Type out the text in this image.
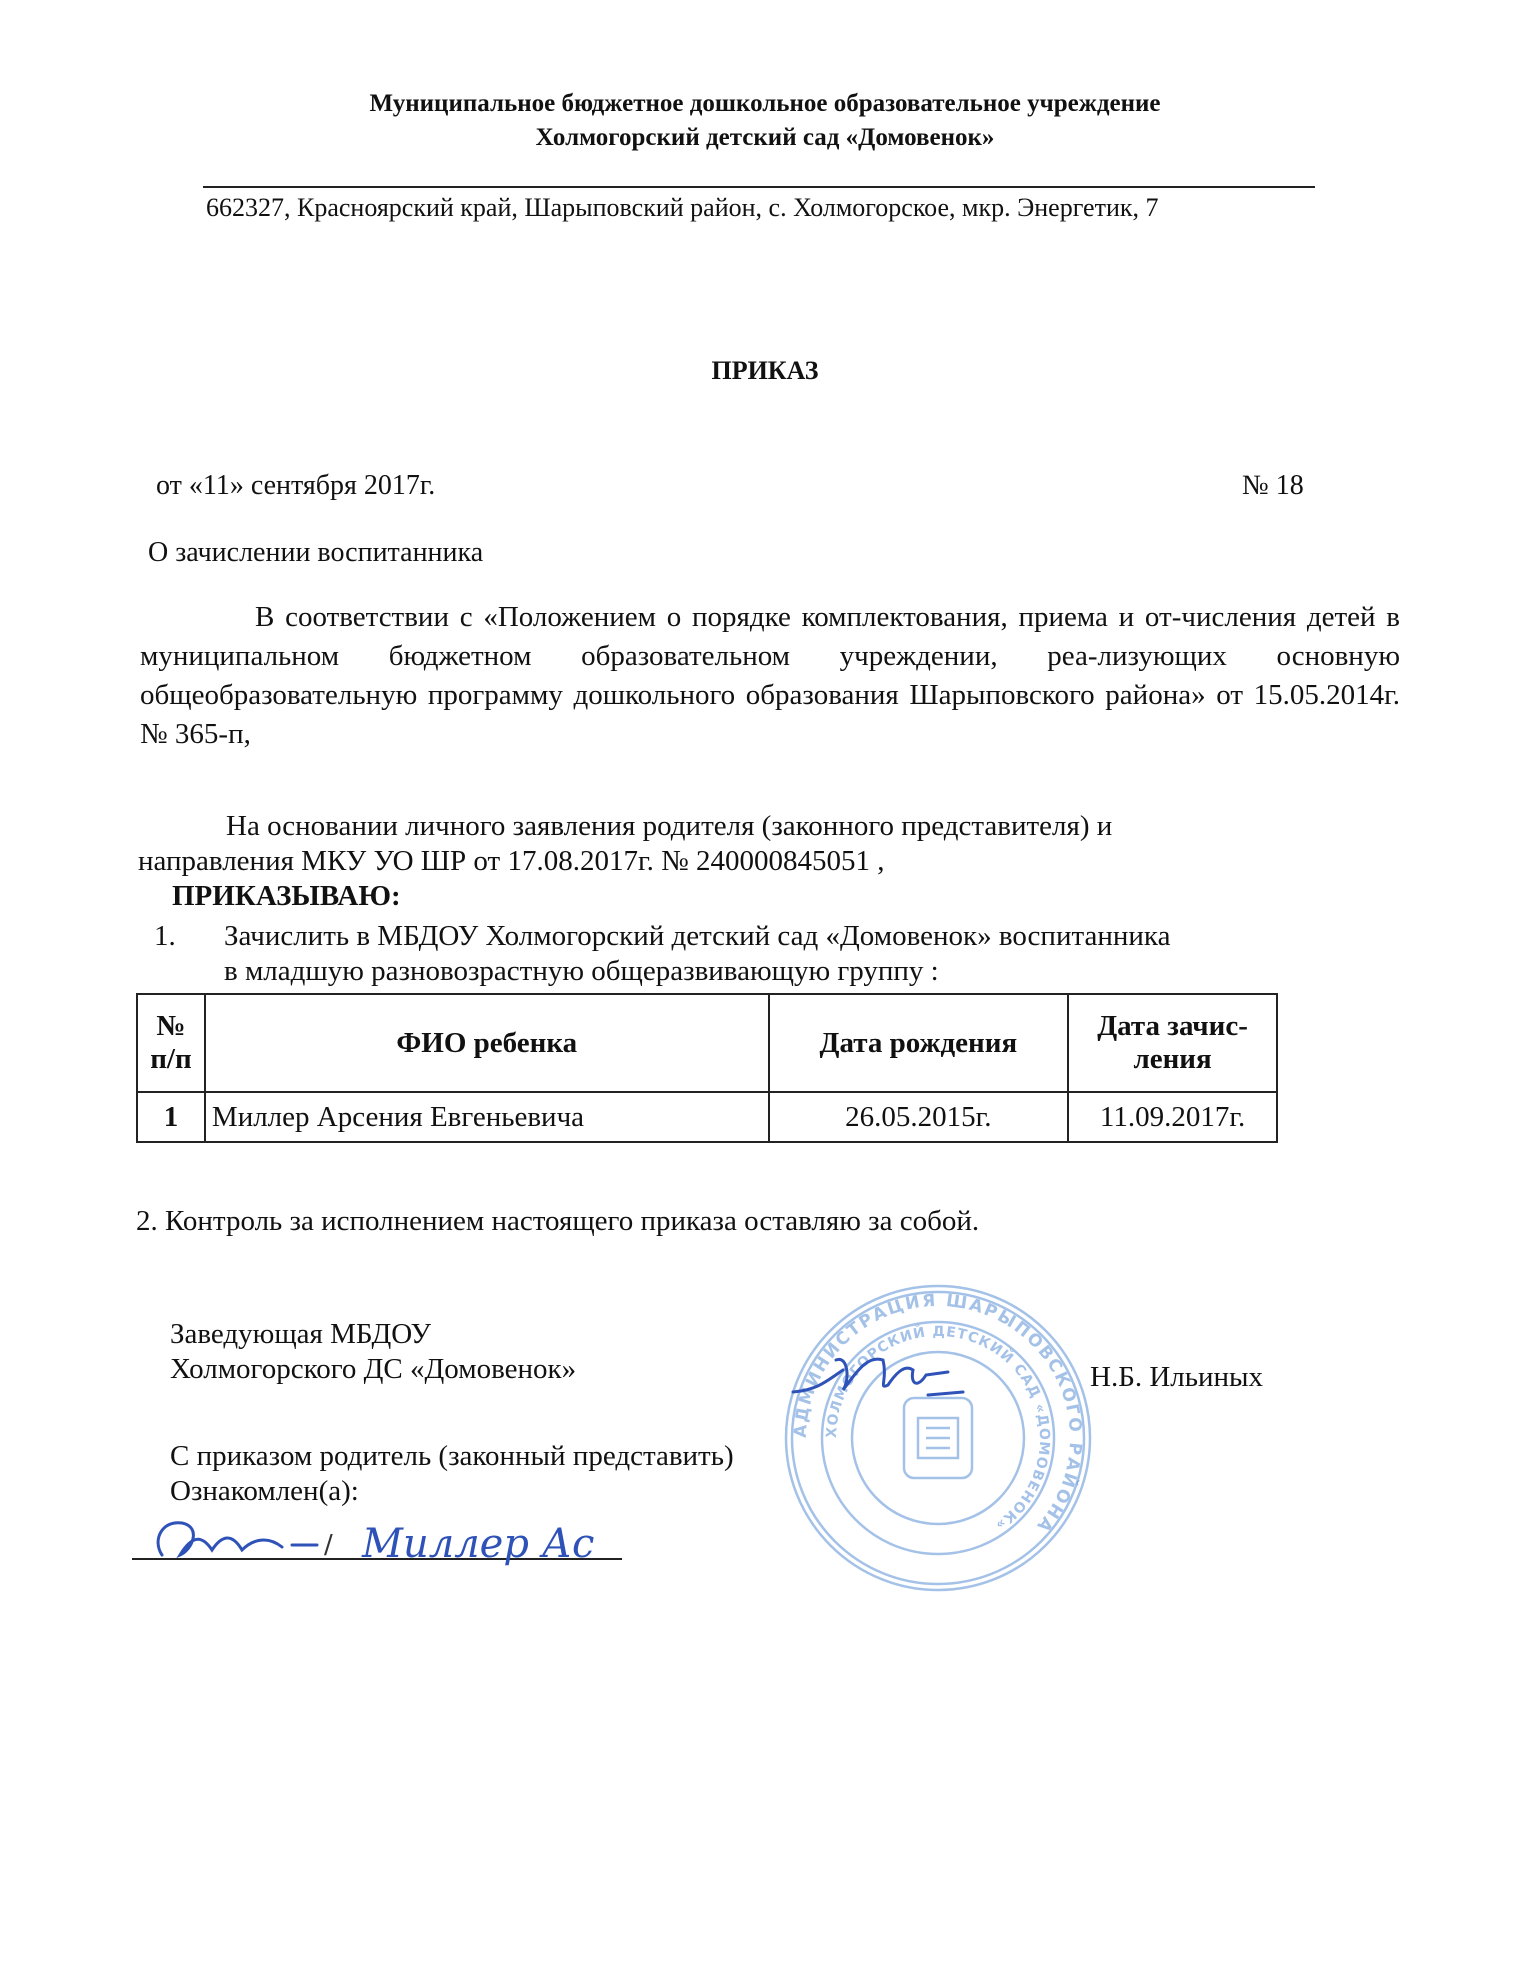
Муниципальное бюджетное дошкольное образовательное учреждение
Холмогорский детский сад «Домовенок»
662327, Красноярский край, Шарыповский район, с. Холмогорское, мкр. Энергетик, 7
ПРИКАЗ
от «11» сентября 2017г.	№ 18
О зачислении воспитанника
В соответствии с «Положением о порядке комплектования, приема и от-числения детей в муниципальном бюджетном образовательном учреждении, реа-лизующих основную общеобразовательную программу дошкольного образования Шарыповского района» от 15.05.2014г. № 365-п,
На основании личного заявления родителя (законного представителя) и
направления МКУ УО ШР от 17.08.2017г. № 240000845051 ,
ПРИКАЗЫВАЮ:
1. Зачислить в МБДОУ Холмогорский детский сад «Домовенок» воспитанника
в младшую разновозрастную общеразвивающую группу :
№ п/п	ФИО ребенка	Дата рождения	Дата зачис-ления
1	Миллер Арсения Евгеньевича	26.05.2015г.	11.09.2017г.
2. Контроль за исполнением настоящего приказа оставляю за собой.
Заведующая МБДОУ
Холмогорского ДС «Домовенок»	Н.Б. Ильиных
АДМИНИСТРАЦИЯ ШАРЫПОВСКОГО РАЙОНА
ХОЛМОГОРСКИЙ ДЕТСКИЙ САД «ДОМОВЕНОК»
С приказом родитель (законный представить)
Ознакомлен(а):
/ Миллер Ас
